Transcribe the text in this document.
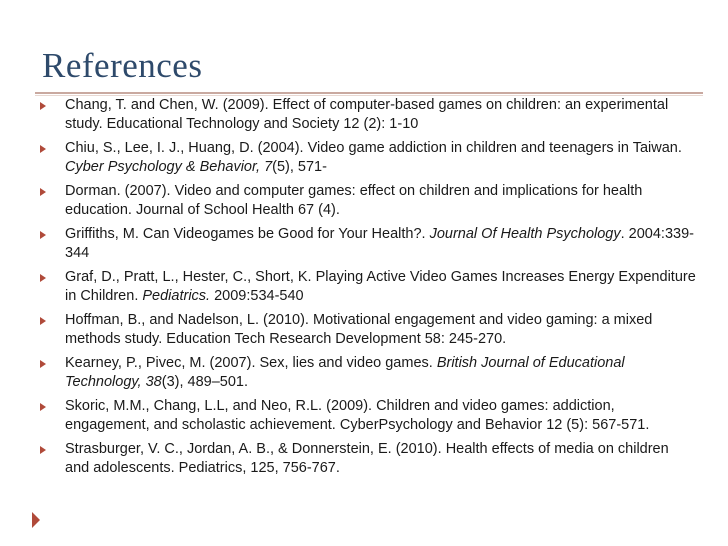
References
Chang, T. and Chen, W. (2009). Effect of computer-based games on children: an experimental
study. Educational Technology and Society 12 (2): 1-10
Chiu, S., Lee, I. J., Huang, D. (2004). Video game addiction in children and teenagers in Taiwan.
Cyber Psychology & Behavior, 7(5), 571-
Dorman. (2007). Video and computer games: effect on children and implications for health
education. Journal of School Health 67 (4).
Griffiths, M. Can Videogames be Good for Your Health?. Journal Of Health Psychology. 2004:339-
344
Graf, D., Pratt, L., Hester, C., Short, K. Playing Active Video Games Increases Energy Expenditure
in Children. Pediatrics. 2009:534-540
Hoffman, B., and Nadelson, L. (2010). Motivational engagement and video gaming: a mixed
methods study. Education Tech Research Development 58: 245-270.
Kearney, P., Pivec, M. (2007). Sex, lies and video games. British Journal of Educational
Technology, 38(3), 489–501.
Skoric, M.M., Chang, L.L, and Neo, R.L. (2009). Children and video games: addiction,
engagement, and scholastic achievement. CyberPsychology and Behavior 12 (5): 567-571.
Strasburger, V. C., Jordan, A. B., & Donnerstein, E. (2010). Health effects of media on children
and adolescents. Pediatrics, 125, 756-767.
